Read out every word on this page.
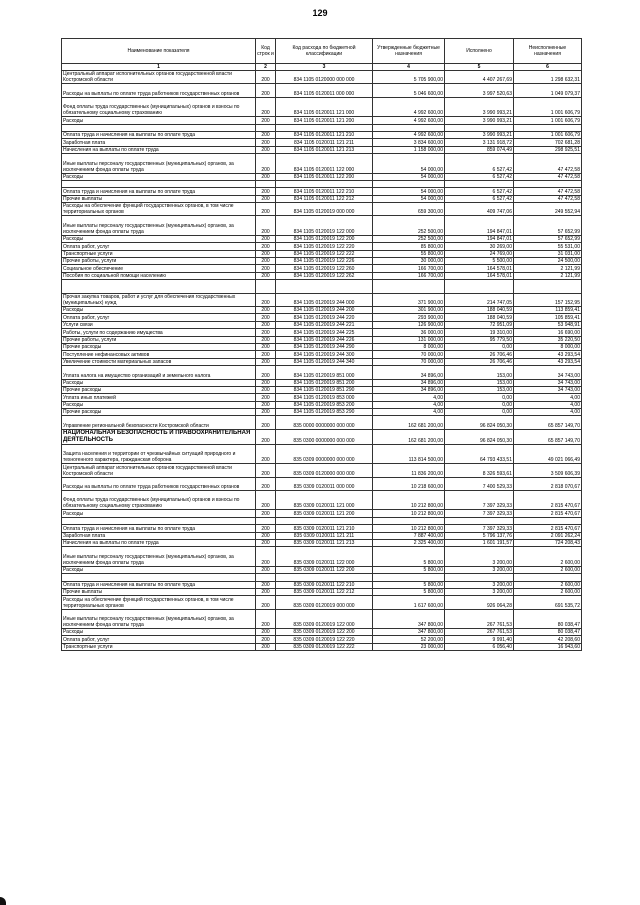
129
Наименование показателя	Код строк и	Код расхода по бюджетной классификации	Утвержденные бюджетные назначения	Исполнено	Неисполненные назначения
1	2	3	4	5	6
Центральный аппарат исполнительных органов государственной власти Костромской области	200	834 1105 0120000 000 000	5 705 900,00	4 407 267,69	1 298 632,31
Расходы на выплаты по оплате труда работников государственных органов	200	834 1105 0120011 000 000	5 046 600,00	3 997 520,63	1 049 079,37
Фонд оплаты труда государственных (муниципальных) органов и взносы по обязательному социальному страхованию	200	834 1105 0120011 121 000	4 992 600,00	3 990 993,21	1 001 606,79
Расходы	200	834 1105 0120011 121 200	4 992 600,00	3 990 993,21	1 001 606,79

Оплата труда и начисления на выплаты по оплате труда	200	834 1105 0120011 121 210	4 992 600,00	3 990 993,21	1 001 606,79
Заработная плата	200	834 1105 0120011 121 211	3 834 600,00	3 131 918,72	702 681,28
Начисления на выплаты по оплате труда	200	834 1105 0120011 121 213	1 158 000,00	859 074,49	298 925,51
Иные выплаты персоналу государственных (муниципальных) органов, за исключением фонда оплаты труда	200	834 1105 0120011 122 000	54 000,00	6 527,42	47 472,58
Расходы	200	834 1105 0120011 122 200	54 000,00	6 527,42	47 472,58

Оплата труда и начисления на выплаты по оплате труда	200	834 1105 0120011 122 210	54 000,00	6 527,42	47 472,58
Прочие выплаты	200	834 1105 0120011 122 212	54 000,00	6 527,42	47 472,58
Расходы на обеспечение функций государственных органов, в том числе территориальных органов	200	834 1105 0120019 000 000	659 300,00	409 747,06	249 552,94
Иные выплаты персоналу государственных (муниципальных) органов, за исключением фонда оплаты труда	200	834 1105 0120019 122 000	252 500,00	194 847,01	57 652,99
Расходы	200	834 1105 0120019 122 200	252 500,00	194 847,01	57 652,99
Оплата работ, услуг	200	834 1105 0120019 122 220	85 800,00	30 269,00	55 531,00
Транспортные услуги	200	834 1105 0120019 122 222	55 800,00	24 769,00	31 031,00
Прочие работы, услуги	200	834 1105 0120019 122 226	30 000,00	5 500,00	24 500,00
Социальное обеспечение	200	834 1105 0120019 122 260	166 700,00	164 578,01	2 121,99
Пособия по социальной помощи населению	200	834 1105 0120019 122 262	166 700,00	164 578,01	2 121,99

Прочая закупка товаров, работ и услуг для обеспечения государственных (муниципальных) нужд	200	834 1105 0120019 244 000	371 900,00	214 747,05	157 152,95
Расходы	200	834 1105 0120019 244 200	301 900,00	188 040,59	113 859,41
Оплата работ, услуг	200	834 1105 0120019 244 220	293 900,00	188 040,59	105 859,41
Услуги связи	200	834 1105 0120019 244 221	126 900,00	72 951,09	53 948,91
Работы, услуги по содержанию имущества	200	834 1105 0120019 244 225	36 000,00	19 310,00	16 690,00
Прочие работы, услуги	200	834 1105 0120019 244 226	131 000,00	95 779,50	35 220,50
Прочие расходы	200	834 1105 0120019 244 290	8 000,00	0,00	8 000,00
Поступление нефинансовых активов	200	834 1105 0120019 244 300	70 000,00	26 706,46	43 293,54
Увеличение стоимости материальных запасов	200	834 1105 0120019 244 340	70 000,00	26 706,46	43 293,54
Уплата налога на имущество организаций и земельного налога	200	834 1105 0120019 851 000	34 896,00	153,00	34 743,00
Расходы	200	834 1105 0120019 851 200	34 896,00	153,00	34 743,00
Прочие расходы	200	834 1105 0120019 851 290	34 896,00	153,00	34 743,00
Уплата иных платежей	200	834 1105 0120019 853 000	4,00	0,00	4,00
Расходы	200	834 1105 0120019 853 200	4,00	0,00	4,00
Прочие расходы	200	834 1105 0120019 853 290	4,00	0,00	4,00
Управление региональной безопасности Костромской области	200	835 0000 0000000 000 000	162 681 200,00	96 824 050,30	65 857 149,70
НАЦИОНАЛЬНАЯ БЕЗОПАСНОСТЬ И ПРАВООХРАНИТЕЛЬНАЯ ДЕЯТЕЛЬНОСТЬ	200	835 0300 0000000 000 000	162 681 200,00	96 824 050,30	65 857 149,70
Защита населения и территории от чрезвычайных ситуаций природного и техногенного характера, гражданская оборона	200	835 0309 0000000 000 000	113 814 500,00	64 793 433,51	49 021 066,49
Центральный аппарат исполнительных органов государственной власти Костромской области	200	835 0309 0120000 000 000	11 836 200,00	8 326 593,61	3 509 606,39
Расходы на выплаты по оплате труда работников государственных органов	200	835 0309 0120011 000 000	10 218 600,00	7 400 529,33	2 818 070,67
Фонд оплаты труда государственных (муниципальных) органов и взносы по обязательному социальному страхованию	200	835 0309 0120011 121 000	10 212 800,00	7 397 329,33	2 815 470,67
Расходы	200	835 0309 0120011 121 200	10 212 800,00	7 397 329,33	2 815 470,67

Оплата труда и начисления на выплаты по оплате труда	200	835 0309 0120011 121 210	10 212 800,00	7 397 329,33	2 815 470,67
Заработная плата	200	835 0309 0120011 121 211	7 887 400,00	5 796 137,76	2 091 262,24
Начисления на выплаты по оплате труда	200	835 0309 0120011 121 213	2 325 400,00	1 601 191,57	724 208,43
Иные выплаты персоналу государственных (муниципальных) органов, за исключением фонда оплаты труда	200	835 0309 0120011 122 000	5 800,00	3 200,00	2 600,00
Расходы	200	835 0309 0120011 122 200	5 800,00	3 200,00	2 600,00

Оплата труда и начисления на выплаты по оплате труда	200	835 0309 0120011 122 210	5 800,00	3 200,00	2 600,00
Прочие выплаты	200	835 0309 0120011 122 212	5 800,00	3 200,00	2 600,00
Расходы на обеспечение функций государственных органов, в том числе территориальных органов	200	835 0309 0120019 000 000	1 617 600,00	926 064,28	691 535,72
Иные выплаты персоналу государственных (муниципальных) органов, за исключением фонда оплаты труда	200	835 0309 0120019 122 000	347 800,00	267 761,53	80 038,47
Расходы	200	835 0309 0120019 122 200	347 800,00	267 761,53	80 038,47
Оплата работ, услуг	200	835 0309 0120019 122 220	52 200,00	9 991,40	42 208,60
Транспортные услуги	200	835 0309 0120019 122 222	23 000,00	6 056,40	16 943,60
